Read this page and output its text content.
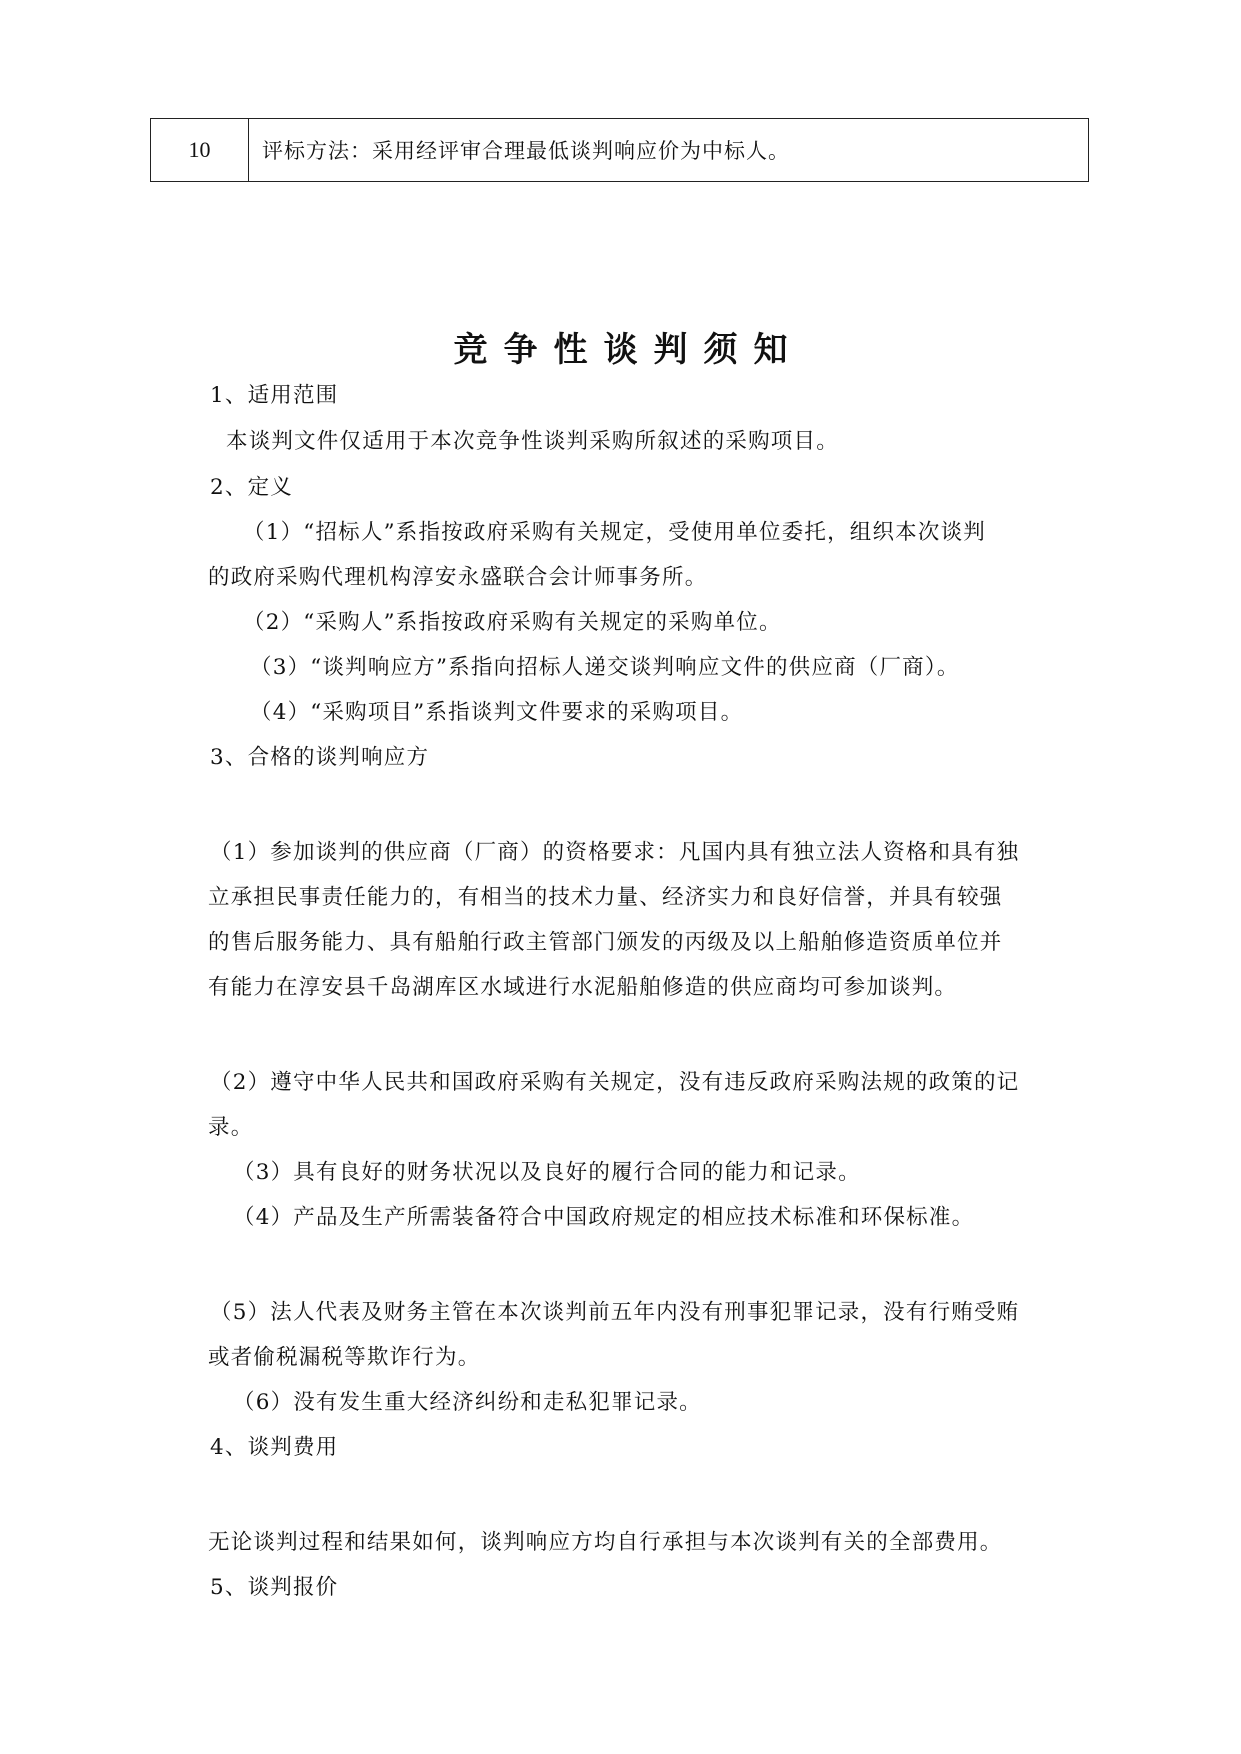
10	评标方法：采用经评审合理最低谈判响应价为中标人。
竞争性谈判须知
1、适用范围
本谈判文件仅适用于本次竞争性谈判采购所叙述的采购项目。
2、定义
（1）“招标人”系指按政府采购有关规定，受使用单位委托，组织本次谈判
的政府采购代理机构淳安永盛联合会计师事务所。
（2）“采购人”系指按政府采购有关规定的采购单位。
（3）“谈判响应方”系指向招标人递交谈判响应文件的供应商（厂商）。
（4）“采购项目”系指谈判文件要求的采购项目。
3、合格的谈判响应方
（1）参加谈判的供应商（厂商）的资格要求：凡国内具有独立法人资格和具有独
立承担民事责任能力的，有相当的技术力量、经济实力和良好信誉，并具有较强
的售后服务能力、具有船舶行政主管部门颁发的丙级及以上船舶修造资质单位并
有能力在淳安县千岛湖库区水域进行水泥船舶修造的供应商均可参加谈判。
（2）遵守中华人民共和国政府采购有关规定，没有违反政府采购法规的政策的记
录。
（3）具有良好的财务状况以及良好的履行合同的能力和记录。
（4）产品及生产所需装备符合中国政府规定的相应技术标准和环保标准。
（5）法人代表及财务主管在本次谈判前五年内没有刑事犯罪记录，没有行贿受贿
或者偷税漏税等欺诈行为。
（6）没有发生重大经济纠纷和走私犯罪记录。
4、谈判费用
无论谈判过程和结果如何，谈判响应方均自行承担与本次谈判有关的全部费用。
5、谈判报价
